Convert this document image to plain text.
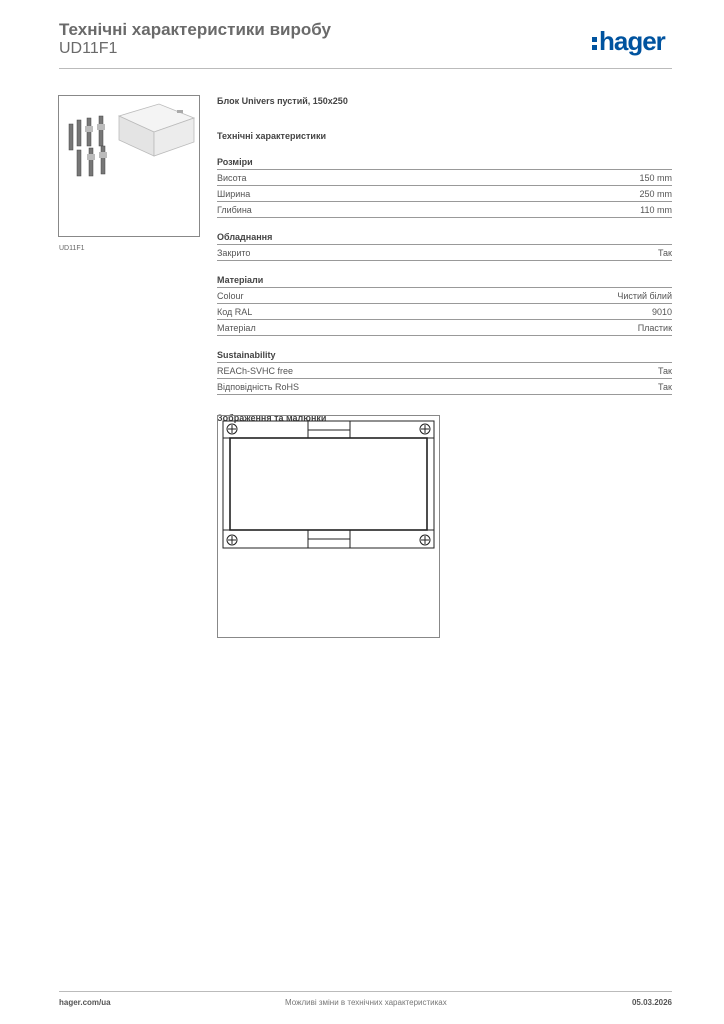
Технічні характеристики виробу
UD11F1	hager
UD11F1
Блок Univers пустий, 150x250
Технічні характеристики
Розміри
Висота	150 mm
Ширина	250 mm
Глибина	110 mm
Обладнання
Закрито	Так
Матеріали
Colour	Чистий білий
Код RAL	9010
Матеріал	Пластик
Sustainability
REACh-SVHC free	Так
Відповідність RoHS	Так
Зображення та малюнки
hager.com/ua	Можливі зміни в технічних характеристиках	05.03.2026
